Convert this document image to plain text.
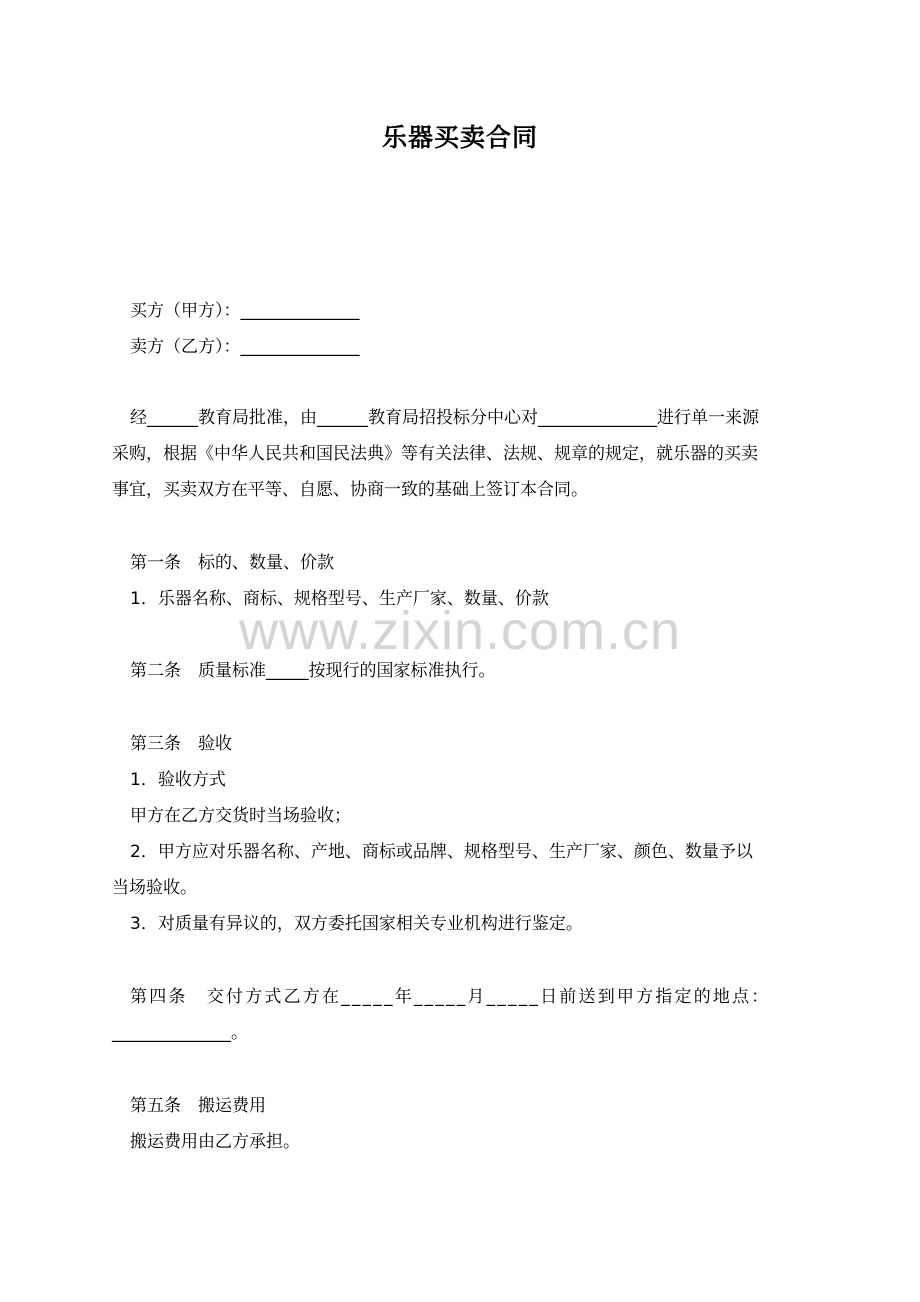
乐器买卖合同
买方（甲方）：______________
卖方（乙方）：______________
经______教育局批准，由______教育局招投标分中心对______________进行单一来源
采购，根据《中华人民共和国民法典》等有关法律、法规、规章的规定，就乐器的买卖
事宜，买卖双方在平等、自愿、协商一致的基础上签订本合同。
第一条　标的、数量、价款
1．乐器名称、商标、规格型号、生产厂家、数量、价款
第二条　质量标准_____按现行的国家标准执行。
第三条　验收
1．验收方式
甲方在乙方交货时当场验收；
2．甲方应对乐器名称、产地、商标或品牌、规格型号、生产厂家、颜色、数量予以
当场验收。
3．对质量有异议的，双方委托国家相关专业机构进行鉴定。
第四条　交付方式乙方在_____年_____月_____日前送到甲方指定的地点：
______________。
第五条　搬运费用
搬运费用由乙方承担。
www.zixin.com.cn
